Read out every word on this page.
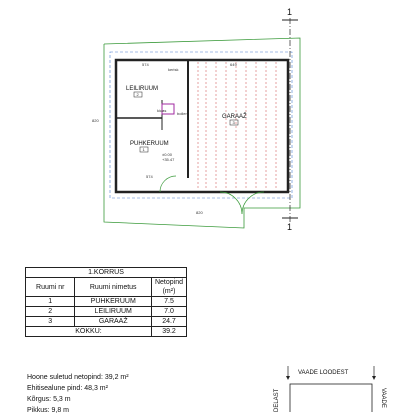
1
1
574	649
574
820
820
kerisk
kiuas
boiler
LEILIRUUM
2
PUHKERUUM
1
GARAAŽ
3
±0.00
+35.47
1.KORRUS		
Ruumi nr	Ruumi nimetus	Netopind (m²)
1	PUHKERUUM	7.5
2	LEILIRUUM	7.0
3	GARAAŽ	24.7
KOKKU:		39.2
Hoone suletud netopind: 39,2 m²
Ehitisealune pind: 48,3 m²
Kõrgus: 5,3 m
Pikkus: 9,8 m
VAADE LOODEST
DELAST	VAADE
